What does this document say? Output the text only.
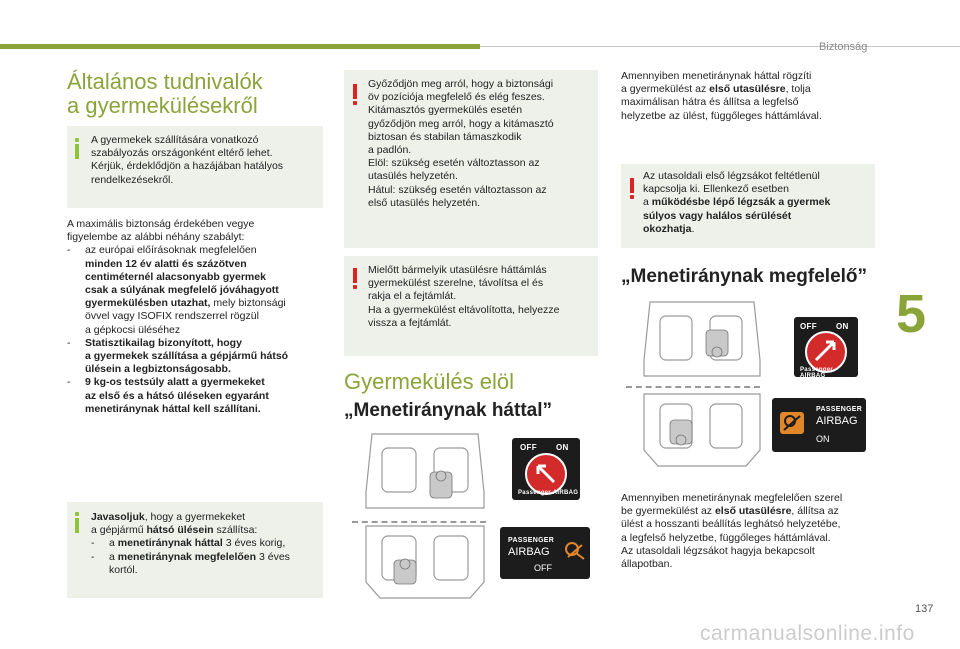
Biztonság
Általános tudnivalók
a gyermekülésekről
A gyermekek szállítására vonatkozó
szabályozás országonként eltérő lehet.
Kérjük, érdeklődjön a hazájában hatályos
rendelkezésekről.
A maximális biztonság érdekében vegye
figyelembe az alábbi néhány szabályt:
-	az európai előírásoknak megfelelően
minden 12 év alatti és százötven
centiméternél alacsonyabb gyermek
csak a súlyának megfelelő jóváhagyott
gyermekülésben utazhat, mely biztonsági
övvel vagy ISOFIX rendszerrel rögzül
a gépkocsi üléséhez
-	Statisztikailag bizonyított, hogy
a gyermekek szállítása a gépjármű hátsó
ülésein a legbiztonságosabb.
-	9 kg-os testsúly alatt a gyermekeket
az első és a hátsó üléseken egyaránt
menetiránynak háttal kell szállítani.
Javasoljuk, hogy a gyermekeket
a gépjármű hátsó ülésein szállítsa:
-	a menetiránynak háttal 3 éves korig,
-	a menetiránynak megfelelően 3 éves
kortól.
Győződjön meg arról, hogy a biztonsági
öv pozíciója megfelelő és elég feszes.
Kitámasztós gyermekülés esetén
győződjön meg arról, hogy a kitámasztó
biztosan és stabilan támaszkodik
a padlón.
Elöl: szükség esetén változtasson az
utasülés helyzetén.
Hátul: szükség esetén változtasson az
első utasülés helyzetén.
Mielőtt bármelyik utasülésre háttámlás
gyermekülést szerelne, távolítsa el és
rakja el a fejtámlát.
Ha a gyermekülést eltávolította, helyezze
vissza a fejtámlát.
Gyermekülés elöl
„Menetiránynak háttal”
OFF ON
Passenger AIRBAG
PASSENGER
AIRBAG
OFF
Amennyiben menetiránynak háttal rögzíti
a gyermekülést az első utasülésre, tolja
maximálisan hátra és állítsa a legfelső
helyzetbe az ülést, függőleges háttámlával.
Az utasoldali első légzsákot feltétlenül
kapcsolja ki. Ellenkező esetben
a működésbe lépő légzsák a gyermek
súlyos vagy halálos sérülését
okozhatja.
„Menetiránynak megfelelő”
OFF ON
Passenger AIRBAG
PASSENGER
AIRBAG
ON
Amennyiben menetiránynak megfelelően szerel
be gyermekülést az első utasülésre, állítsa az
ülést a hosszanti beállítás leghátsó helyzetébe,
a legfelső helyzetbe, függőleges háttámlával.
Az utasoldali légzsákot hagyja bekapcsolt
állapotban.
5
137
carmanualsonline.info
